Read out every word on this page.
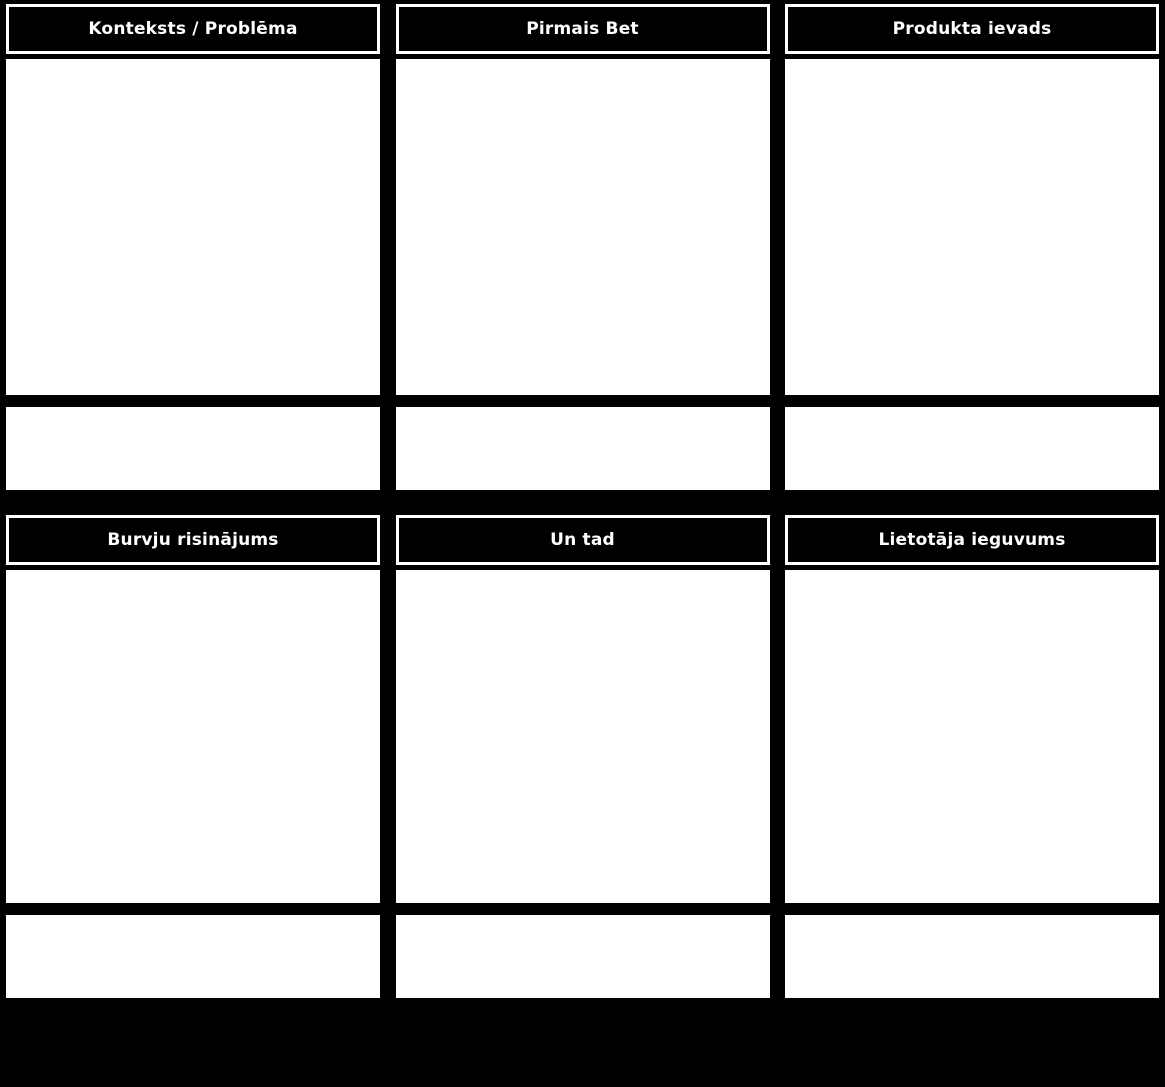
Konteksts / Problēma	Pirmais Bet	Produkta ievads
Burvju risinājums	Un tad	Lietotāja ieguvums
